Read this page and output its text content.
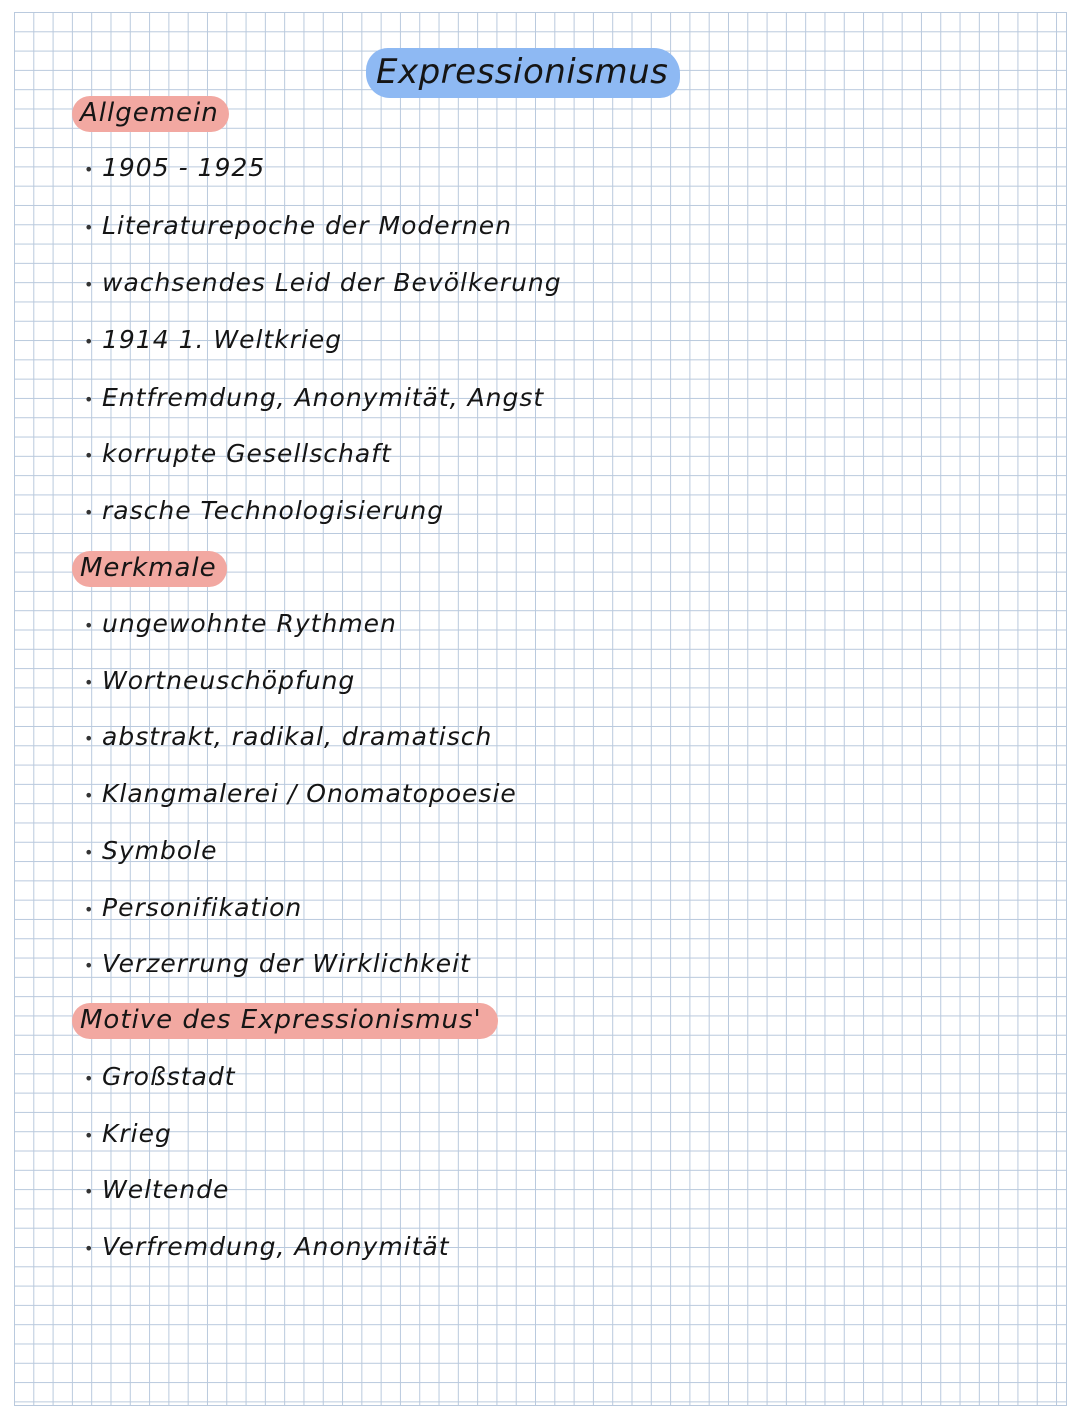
Expressionismus
Allgemein
• 1905 - 1925
• Literaturepoche der Modernen
• wachsendes Leid der Bevölkerung
• 1914 1. Weltkrieg
• Entfremdung, Anonymität, Angst
• korrupte Gesellschaft
• rasche Technologisierung
Merkmale
• ungewohnte Rythmen
• Wortneuschöpfung
• abstrakt, radikal, dramatisch
• Klangmalerei / Onomatopoesie
• Symbole
• Personifikation
• Verzerrung der Wirklichkeit
Motive des Expressionismus'
• Großstadt
• Krieg
• Weltende
• Verfremdung, Anonymität
